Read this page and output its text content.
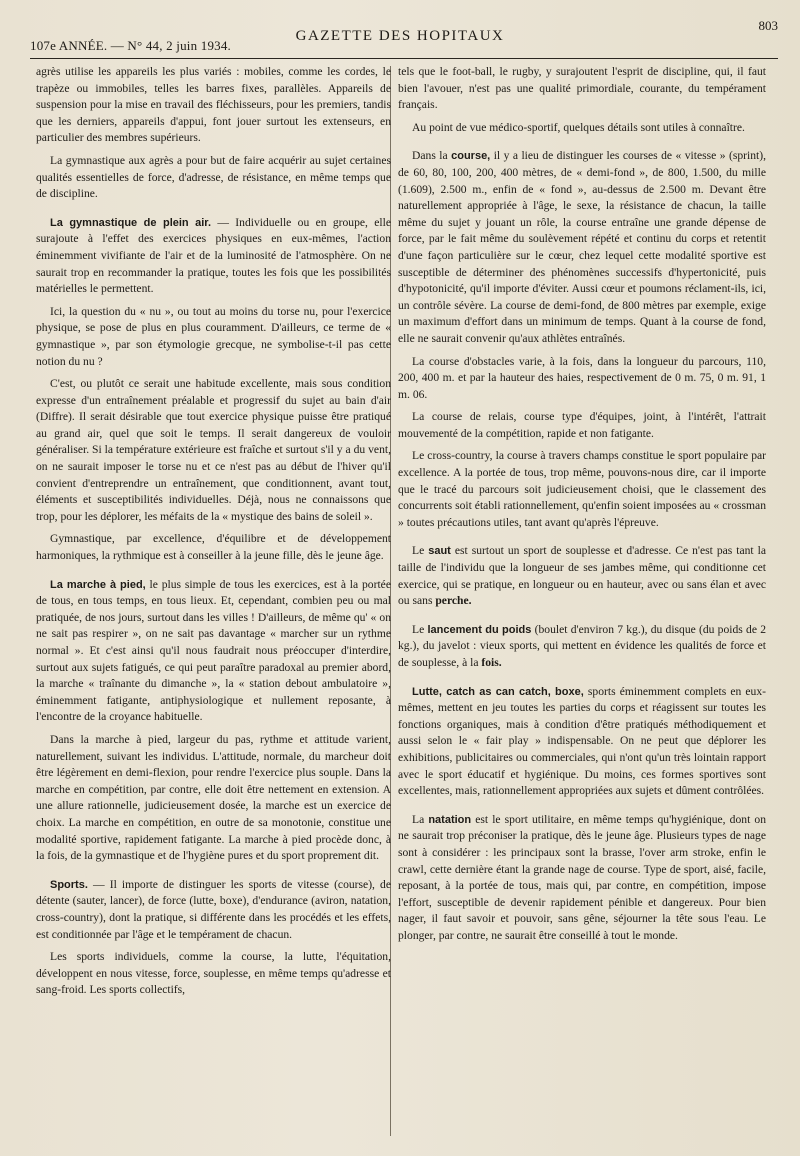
107e ANNÉE. — N° 44, 2 juin 1934.
GAZETTE DES HOPITAUX
803

agrès utilise les appareils les plus variés : mobiles, comme les cordes, le trapèze ou immobiles, telles les barres fixes, parallèles. Appareils de suspension pour la mise en travail des fléchisseurs, pour les premiers, tandis que les derniers, appareils d'appui, font jouer surtout les extenseurs, en particulier des membres supérieurs.

La gymnastique aux agrès a pour but de faire acquérir au sujet certaines qualités essentielles de force, d'adresse, de résistance, en même temps que de discipline.

La gymnastique de plein air. — Individuelle ou en groupe, elle surajoute à l'effet des exercices physiques en eux-mêmes, l'action éminemment vivifiante de l'air et de la luminosité de l'atmosphère. On ne saurait trop en recommander la pratique, toutes les fois que les possibilités matérielles le permettent.

Ici, la question du « nu », ou tout au moins du torse nu, pour l'exercice physique, se pose de plus en plus couramment. D'ailleurs, ce terme de « gymnastique », par son étymologie grecque, ne symbolise-t-il pas cette notion du nu ?

C'est, ou plutôt ce serait une habitude excellente, mais sous condition expresse d'un entraînement préalable et progressif du sujet au bain d'air (Diffre). Il serait désirable que tout exercice physique puisse être pratiqué au grand air, quel que soit le temps. Il serait dangereux de vouloir généraliser. Si la température extérieure est fraîche et surtout s'il y a du vent, on ne saurait imposer le torse nu et ce n'est pas au début de l'hiver qu'il convient d'entreprendre un entraînement, que conditionnent, avant tout, éléments et susceptibilités individuelles. Déjà, nous ne connaissons que trop, pour les déplorer, les méfaits de la « mystique des bains de soleil ».

Gymnastique, par excellence, d'équilibre et de développement harmoniques, la rythmique est à conseiller à la jeune fille, dès le jeune âge.

La marche à pied, le plus simple de tous les exercices, est à la portée de tous, en tous temps, en tous lieux. Et, cependant, combien peu ou mal pratiquée, de nos jours, surtout dans les villes ! D'ailleurs, de même qu' « on ne sait pas respirer », on ne sait pas davantage « marcher sur un rythme normal ». Et c'est ainsi qu'il nous faudrait nous préoccuper d'interdire, surtout aux sujets fatigués, ce qui peut paraître paradoxal au premier abord, la marche « traînante du dimanche », la « station debout ambulatoire », éminemment fatigante, antiphysiologique et nullement reposante, à l'encontre de la croyance habituelle.

Dans la marche à pied, largeur du pas, rythme et attitude varient, naturellement, suivant les individus. L'attitude, normale, du marcheur doit être légèrement en demi-flexion, pour rendre l'exercice plus souple. Dans la marche en compétition, par contre, elle doit être nettement en extension. A une allure rationnelle, judicieusement dosée, la marche est un exercice de choix. La marche en compétition, en outre de sa monotonie, constitue une modalité sportive, rapidement fatigante. La marche à pied procède donc, à la fois, de la gymnastique et de l'hygiène pures et du sport proprement dit.

Sports. — Il importe de distinguer les sports de vitesse (course), de détente (sauter, lancer), de force (lutte, boxe), d'endurance (aviron, natation, cross-country), dont la pratique, si différente dans les procédés et les effets, est conditionnée par l'âge et le tempérament de chacun.

Les sports individuels, comme la course, la lutte, l'équitation, développent en nous vitesse, force, souplesse, en même temps qu'adresse et sang-froid. Les sports collectifs,

tels que le foot-ball, le rugby, y surajoutent l'esprit de discipline, qui, il faut bien l'avouer, n'est pas une qualité primordiale, courante, du tempérament français.

Au point de vue médico-sportif, quelques détails sont utiles à connaître.

Dans la course, il y a lieu de distinguer les courses de « vitesse » (sprint), de 60, 80, 100, 200, 400 mètres, de « demi-fond », de 800, 1.500, du mille (1.609), 2.500 m., enfin de « fond », au-dessus de 2.500 m. Devant être naturellement appropriée à l'âge, le sexe, la résistance de chacun, la taille même du sujet y jouant un rôle, la course entraîne une grande dépense de force, par le fait même du soulèvement répété et continu du corps et retentit d'une façon particulière sur le cœur, chez lequel cette modalité sportive est susceptible de déterminer des phénomènes successifs d'hypertonicité, puis d'hypotonicité, qu'il importe d'éviter. Aussi cœur et poumons réclament-ils, ici, un contrôle sévère. La course de demi-fond, de 800 mètres par exemple, exige un maximum d'effort dans un minimum de temps. Quant à la course de fond, elle ne saurait convenir qu'aux athlètes entraînés.

La course d'obstacles varie, à la fois, dans la longueur du parcours, 110, 200, 400 m. et par la hauteur des haies, respectivement de 0 m. 75, 0 m. 91, 1 m. 06.

La course de relais, course type d'équipes, joint, à l'intérêt, l'attrait mouvementé de la compétition, rapide et non fatigante.

Le cross-country, la course à travers champs constitue le sport populaire par excellence. A la portée de tous, trop même, pouvons-nous dire, car il importe que le tracé du parcours soit judicieusement choisi, que le classement des concurrents soit établi rationnellement, qu'enfin soient imposées au « crossman » toutes précautions utiles, tant avant qu'après l'épreuve.

Le saut est surtout un sport de souplesse et d'adresse. Ce n'est pas tant la taille de l'individu que la longueur de ses jambes même, qui conditionne cet exercice, qui se pratique, en longueur ou en hauteur, avec ou sans élan et avec ou sans perche.

Le lancement du poids (boulet d'environ 7 kg.), du disque (du poids de 2 kg.), du javelot : vieux sports, qui mettent en évidence les qualités de force et de souplesse, à la fois.

Lutte, catch as can catch, boxe, sports éminemment complets en eux-mêmes, mettent en jeu toutes les parties du corps et réagissent sur toutes les fonctions organiques, mais à condition d'être pratiqués méthodiquement et aussi selon le « fair play » indispensable. On ne peut que déplorer les exhibitions, publicitaires ou commerciales, qui n'ont qu'un très lointain rapport avec le sport éducatif et hygiénique. Du moins, ces formes sportives sont excellentes, mais, rationnellement appropriées aux sujets et dûment contrôlées.

La natation est le sport utilitaire, en même temps qu'hygiénique, dont on ne saurait trop préconiser la pratique, dès le jeune âge. Plusieurs types de nage sont à considérer : les principaux sont la brasse, l'over arm stroke, enfin le crawl, cette dernière étant la grande nage de course. Type de sport, aisé, facile, reposant, à la portée de tous, mais qui, par contre, en compétition, impose l'effort, susceptible de devenir rapidement pénible et dangereux. Pour bien nager, il faut savoir et pouvoir, sans gêne, séjourner la tête sous l'eau. Le plonger, par contre, ne saurait être conseillé à tout le monde.
